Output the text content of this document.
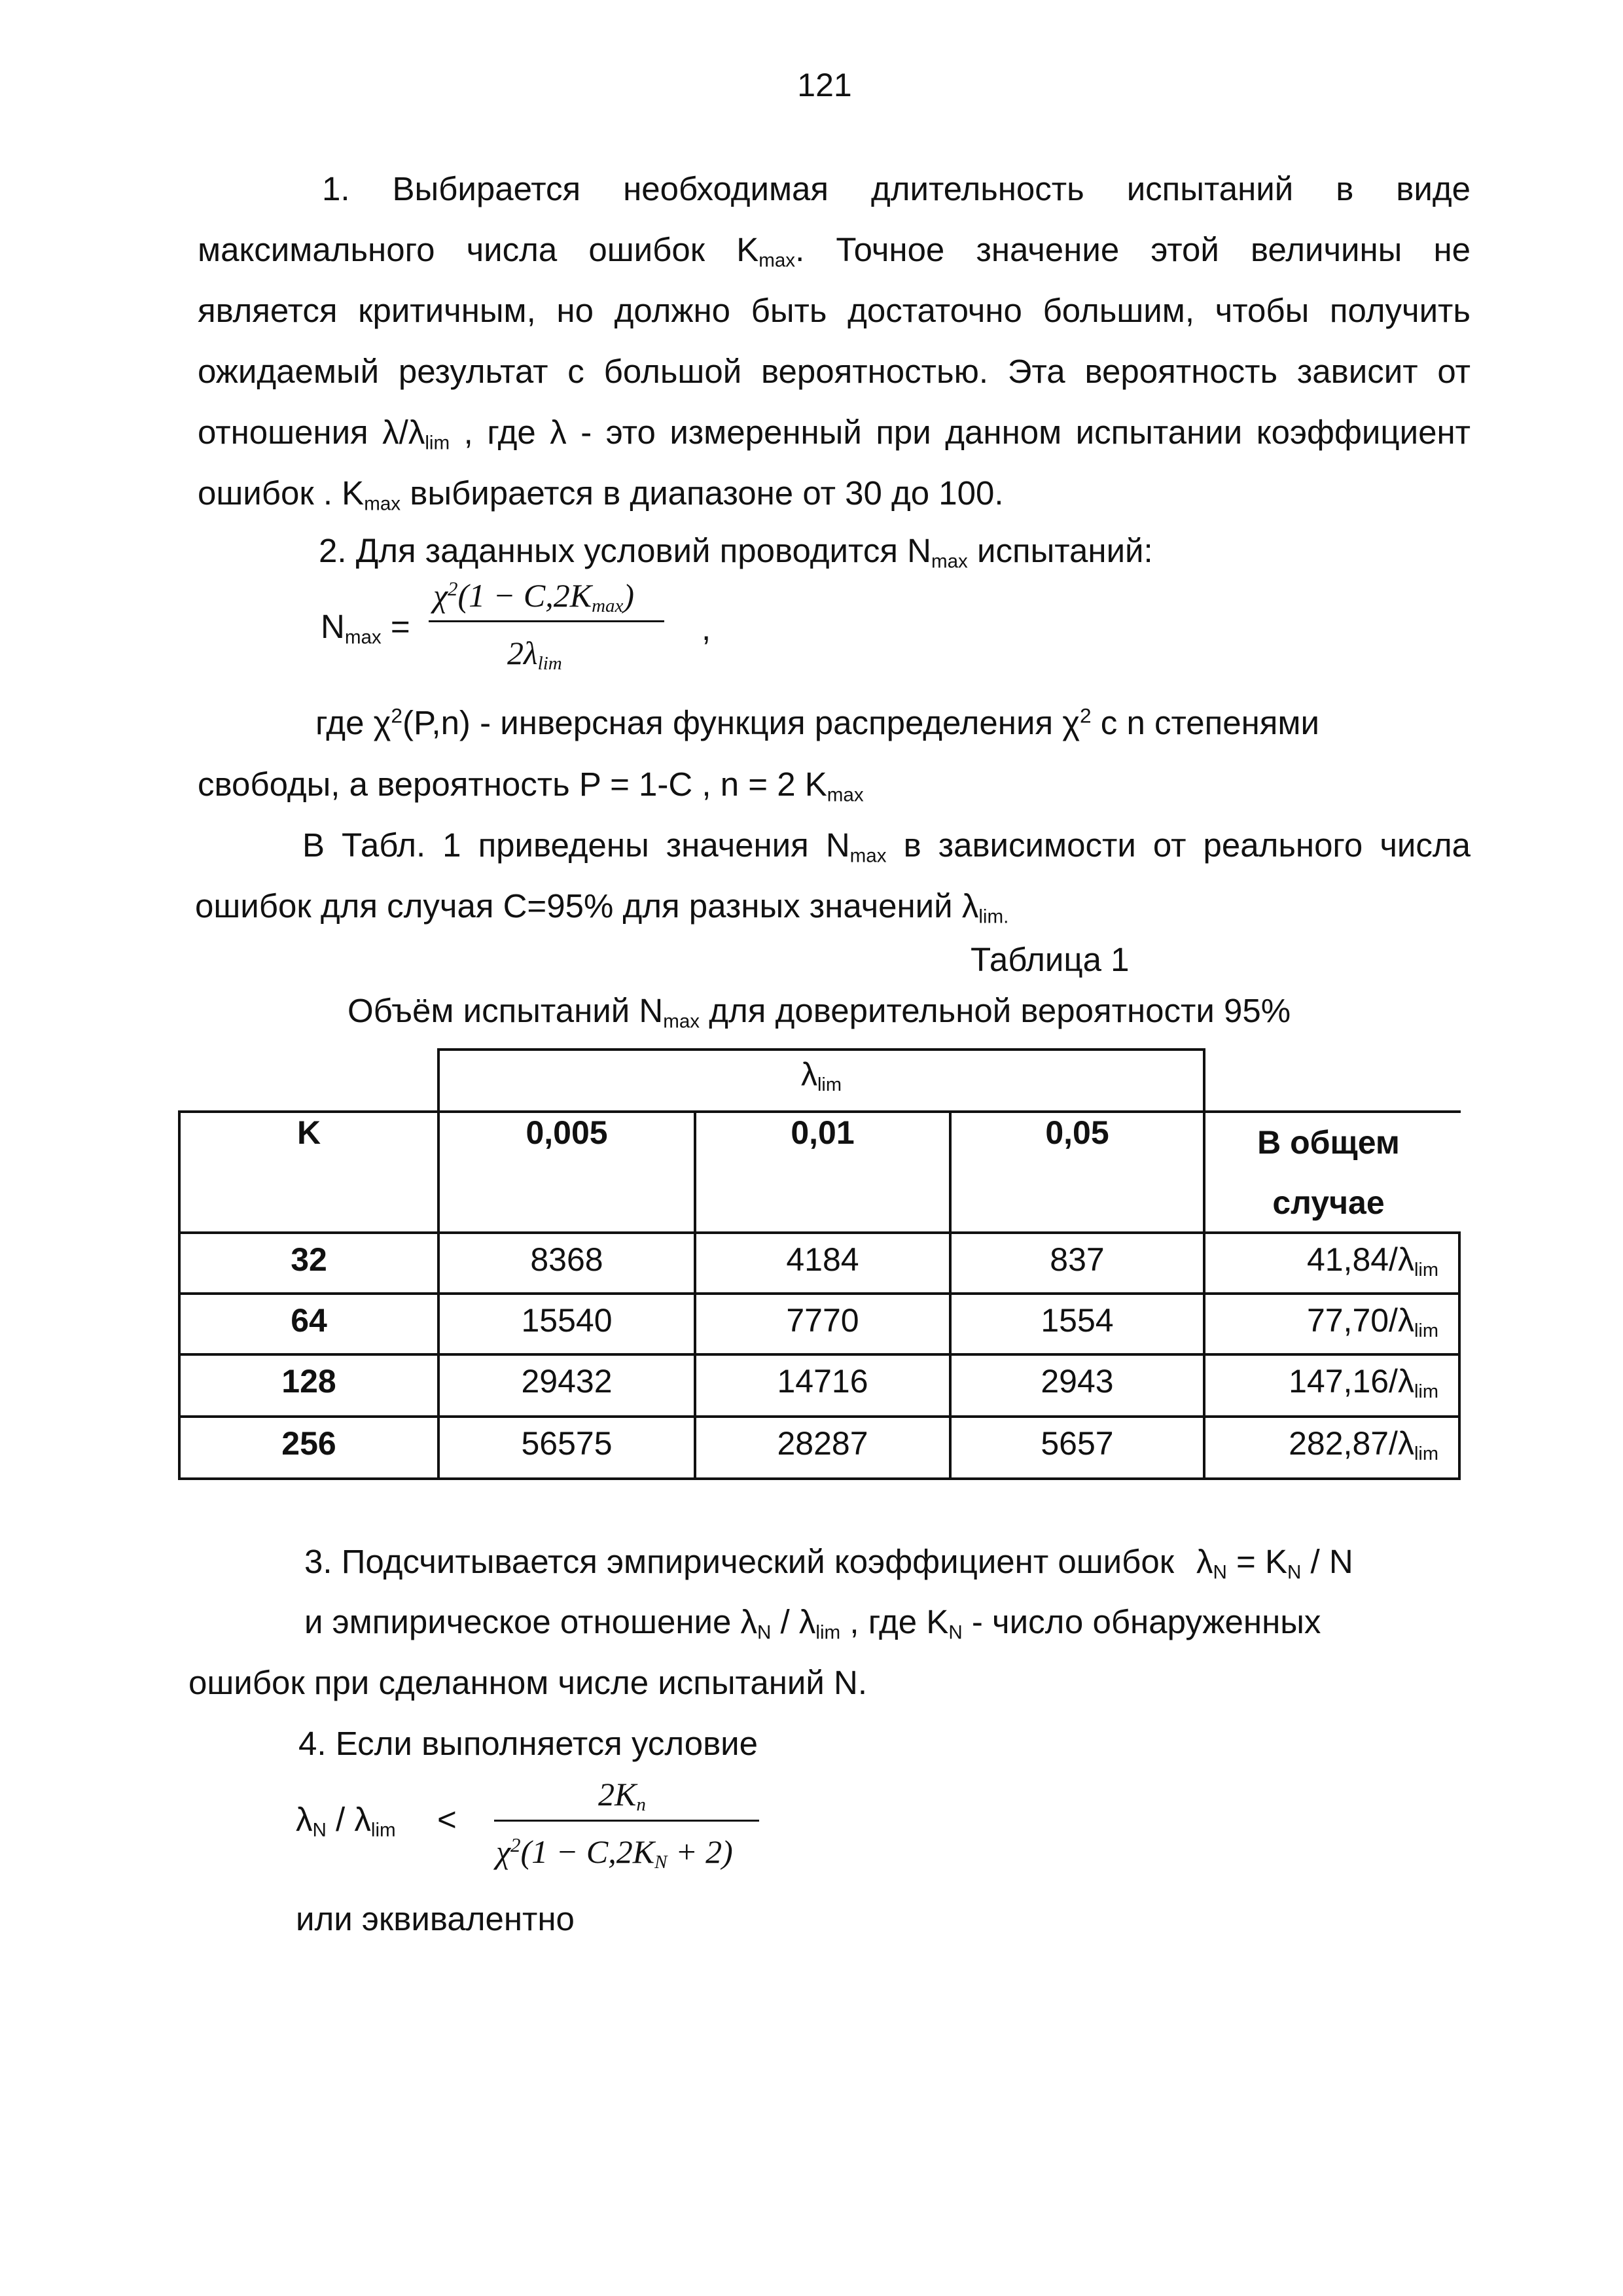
121
1. Выбирается необходимая длительность испытаний в виде
максимального числа ошибок $K_{max}$. Точное значение этой величины не
является критичным, но должно быть достаточно большим, чтобы получить
ожидаемый результат с большой вероятностью. Эта вероятность зависит от
отношения $\lambda/\lambda_{lim}$ , где λ - это измеренный при данном испытании коэффициент
ошибок . $K_{max}$ выбирается в диапазоне от 30 до 100.
2. Для заданных условий проводится $N_{max}$ испытаний:
$N_{max}$ =
$\chi^2(1 - C,2K_{max})$
$2\lambda_{lim}$
,
где $\chi^2(P,n)$ - инверсная функция распределения $\chi^2$ с n степенями
свободы, а вероятность P = 1-C , n = 2 $K_{max}$
В Табл. 1 приведены значения $N_{max}$ в зависимости от реального числа
ошибок для случая C=95% для разных значений $\lambda_{lim.}$
Таблица 1
Объём испытаний $N_{max}$ для доверительной вероятности 95%
$\lambda_{lim}$
K	0,005	0,01	0,05	В общем случае
32	8368	4184	837	$41,84/\lambda_{lim}$
64	15540	7770	1554	$77,70/\lambda_{lim}$
128	29432	14716	2943	$147,16/\lambda_{lim}$
256	56575	28287	5657	$282,87/\lambda_{lim}$
3. Подсчитывается эмпирический коэффициент ошибок $\lambda_N = K_N / N$
и эмпирическое отношение $\lambda_N / \lambda_{lim}$ , где $K_N$ - число обнаруженных
ошибок при сделанном числе испытаний N.
4. Если выполняется условие
$\lambda_N / \lambda_{lim}$ <
$2K_n$
$\chi^2(1 - C,2K_N + 2)$
или эквивалентно
